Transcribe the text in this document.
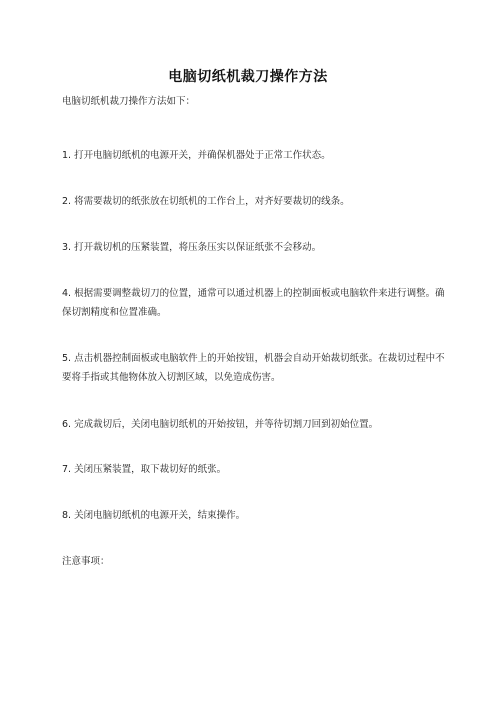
电脑切纸机裁刀操作方法
电脑切纸机裁刀操作方法如下：
1. 打开电脑切纸机的电源开关，并确保机器处于正常工作状态。
2. 将需要裁切的纸张放在切纸机的工作台上，对齐好要裁切的线条。
3. 打开裁切机的压紧装置，将压条压实以保证纸张不会移动。
4. 根据需要调整裁切刀的位置，通常可以通过机器上的控制面板或电脑软件来进行调整。确保切割精度和位置准确。
5. 点击机器控制面板或电脑软件上的开始按钮，机器会自动开始裁切纸张。在裁切过程中不要将手指或其他物体放入切割区域，以免造成伤害。
6. 完成裁切后，关闭电脑切纸机的开始按钮，并等待切割刀回到初始位置。
7. 关闭压紧装置，取下裁切好的纸张。
8. 关闭电脑切纸机的电源开关，结束操作。
注意事项：
